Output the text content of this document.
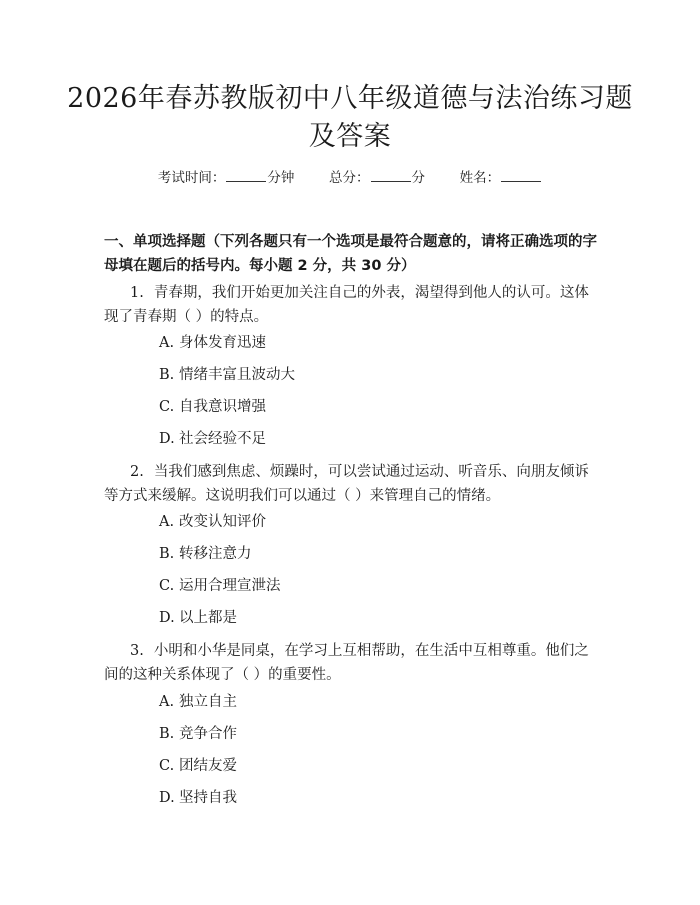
2026年春苏教版初中八年级道德与法治练习题及答案
考试时间：	分钟	总分：	分	姓名：
一、单项选择题（下列各题只有一个选项是最符合题意的，请将正确选项的字母填在题后的括号内。每小题 2 分，共 30 分）
1. 青春期，我们开始更加关注自己的外表，渴望得到他人的认可。这体现了青春期（ ）的特点。
A. 身体发育迅速
B. 情绪丰富且波动大
C. 自我意识增强
D. 社会经验不足
2. 当我们感到焦虑、烦躁时，可以尝试通过运动、听音乐、向朋友倾诉等方式来缓解。这说明我们可以通过（ ）来管理自己的情绪。
A. 改变认知评价
B. 转移注意力
C. 运用合理宣泄法
D. 以上都是
3. 小明和小华是同桌，在学习上互相帮助，在生活中互相尊重。他们之间的这种关系体现了（ ）的重要性。
A. 独立自主
B. 竞争合作
C. 团结友爱
D. 坚持自我
